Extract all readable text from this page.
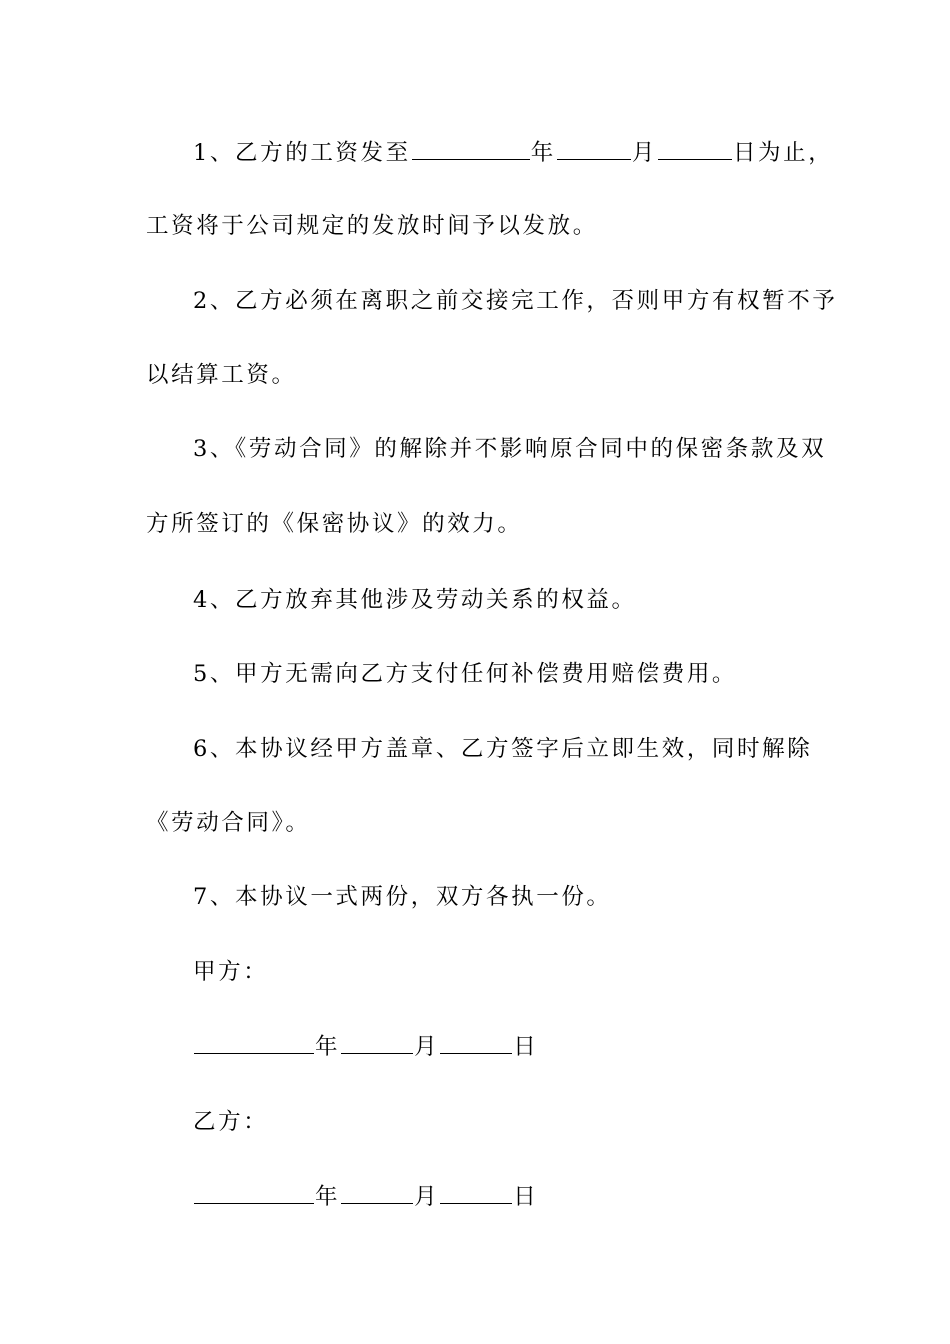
1、乙方的工资发至	年	月	日为止，
工资将于公司规定的发放时间予以发放。
2、乙方必须在离职之前交接完工作，否则甲方有权暂不予
以结算工资。
3、《劳动合同》的解除并不影响原合同中的保密条款及双
方所签订的《保密协议》的效力。
4、乙方放弃其他涉及劳动关系的权益。
5、甲方无需向乙方支付任何补偿费用赔偿费用。
6、本协议经甲方盖章、乙方签字后立即生效，同时解除
《劳动合同》。
7、本协议一式两份，双方各执一份。
甲方：
年	月	日
乙方：
年	月	日
